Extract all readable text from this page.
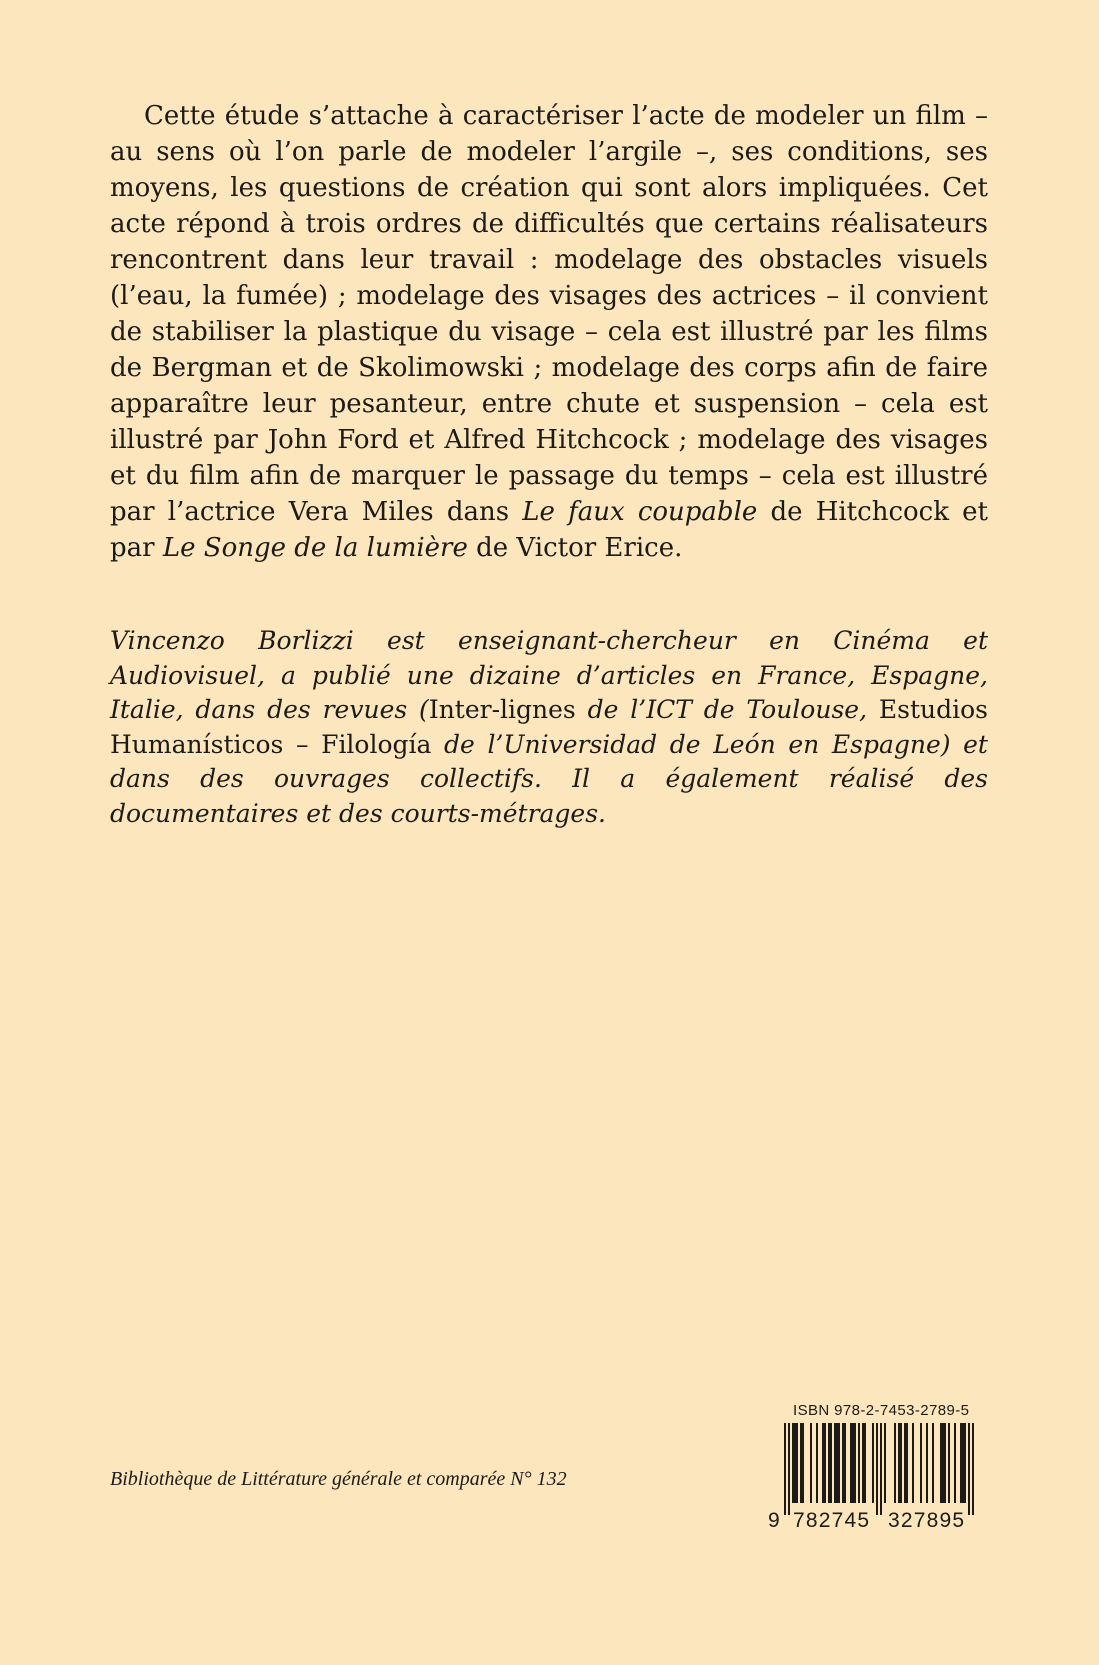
Cette étude s’attache à caractériser l’acte de modeler un film – au sens où l’on parle de modeler l’argile –, ses conditions, ses moyens, les questions de création qui sont alors impliquées. Cet acte répond à trois ordres de difficultés que certains réalisateurs rencontrent dans leur travail : modelage des obstacles visuels (l’eau, la fumée) ; modelage des visages des actrices – il convient de stabiliser la plastique du visage – cela est illustré par les films de Bergman et de Skolimowski ; modelage des corps afin de faire apparaître leur pesanteur, entre chute et suspension – cela est illustré par John Ford et Alfred Hitchcock ; modelage des visages et du film afin de marquer le passage du temps – cela est illustré par l’actrice Vera Miles dans Le faux coupable de Hitchcock et par Le Songe de la lumière de Victor Erice.

Vincenzo Borlizzi est enseignant-chercheur en Cinéma et Audiovisuel, a publié une dizaine d’articles en France, Espagne, Italie, dans des revues (Inter-lignes de l’ICT de Toulouse, Estudios Humanísticos – Filología de l’Universidad de León en Espagne) et dans des ouvrages collectifs. Il a également réalisé des documentaires et des courts-métrages.

Bibliothèque de Littérature générale et comparée N° 132

ISBN 978-2-7453-2789-5

9 782745 327895
